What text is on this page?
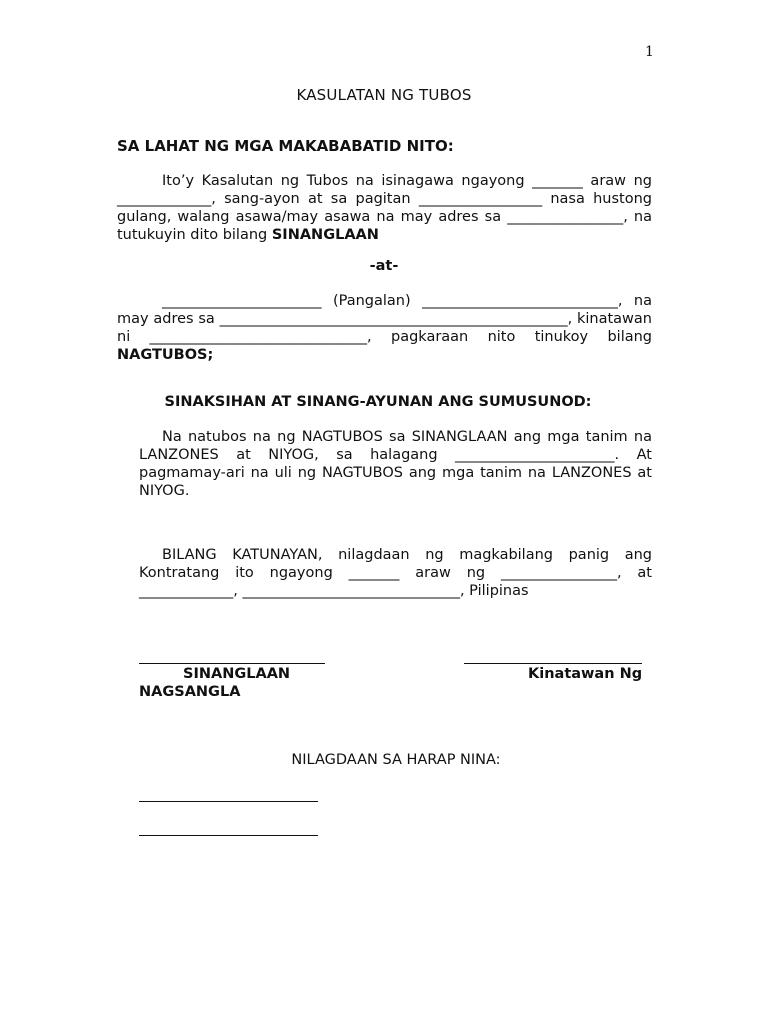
1
KASULATAN NG TUBOS
SA LAHAT NG MGA MAKABABATID NITO:
Ito’y Kasalutan ng Tubos na isinagawa ngayong _______ araw ng _____________, sang-ayon at sa pagitan _________________ nasa hustong gulang, walang asawa/may asawa na may adres sa ________________, na tutukuyin dito bilang SINANGLAAN
-at-
______________________ (Pangalan) ___________________________, na may adres sa ________________________________________________, kinatawan ni ______________________________, pagkaraan nito tinukoy bilang NAGTUBOS;
SINAKSIHAN AT SINANG-AYUNAN ANG SUMUSUNOD:
Na natubos na ng NAGTUBOS sa SINANGLAAN ang mga tanim na LANZONES at NIYOG, sa halagang ______________________. At pagmamay-ari na uli ng NAGTUBOS ang mga tanim na LANZONES at NIYOG.
BILANG KATUNAYAN, nilagdaan ng magkabilang panig ang Kontratang ito ngayong _______ araw ng ________________, at _____________, ______________________________, Pilipinas
SINANGLAAN	Kinatawan Ng
NAGSANGLA
NILAGDAAN SA HARAP NINA:
